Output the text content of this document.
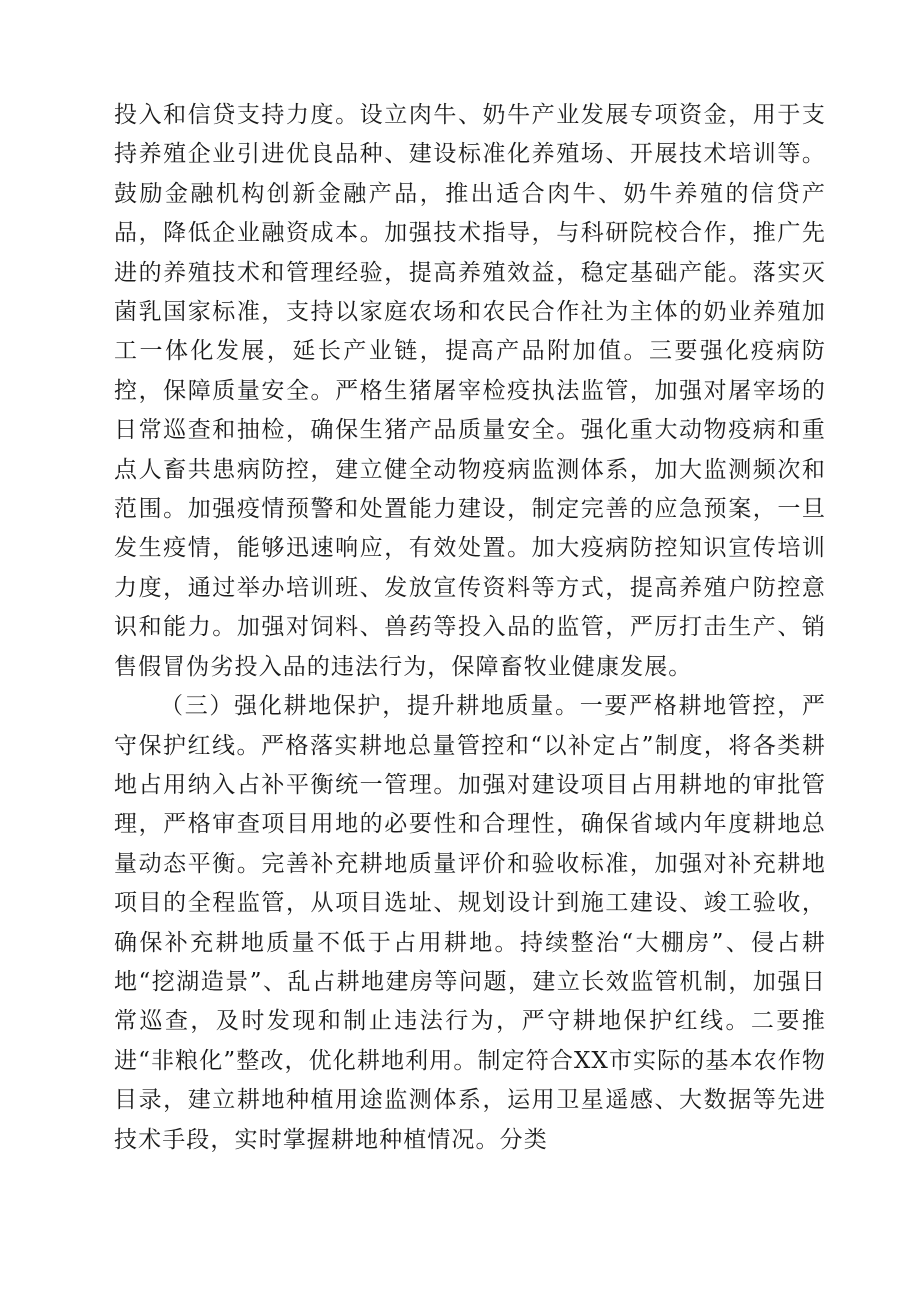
投入和信贷支持力度。设立肉牛、奶牛产业发展专项资金，用于支持养殖企业引进优良品种、建设标准化养殖场、开展技术培训等。鼓励金融机构创新金融产品，推出适合肉牛、奶牛养殖的信贷产品，降低企业融资成本。加强技术指导，与科研院校合作，推广先进的养殖技术和管理经验，提高养殖效益，稳定基础产能。落实灭菌乳国家标准，支持以家庭农场和农民合作社为主体的奶业养殖加工一体化发展，延长产业链，提高产品附加值。三要强化疫病防控，保障质量安全。严格生猪屠宰检疫执法监管，加强对屠宰场的日常巡查和抽检，确保生猪产品质量安全。强化重大动物疫病和重点人畜共患病防控，建立健全动物疫病监测体系，加大监测频次和范围。加强疫情预警和处置能力建设，制定完善的应急预案，一旦发生疫情，能够迅速响应，有效处置。加大疫病防控知识宣传培训力度，通过举办培训班、发放宣传资料等方式，提高养殖户防控意识和能力。加强对饲料、兽药等投入品的监管，严厉打击生产、销售假冒伪劣投入品的违法行为，保障畜牧业健康发展。

（三）强化耕地保护，提升耕地质量。一要严格耕地管控，严守保护红线。严格落实耕地总量管控和“以补定占”制度，将各类耕地占用纳入占补平衡统一管理。加强对建设项目占用耕地的审批管理，严格审查项目用地的必要性和合理性，确保省域内年度耕地总量动态平衡。完善补充耕地质量评价和验收标准，加强对补充耕地项目的全程监管，从项目选址、规划设计到施工建设、竣工验收，确保补充耕地质量不低于占用耕地。持续整治“大棚房”、侵占耕地“挖湖造景”、乱占耕地建房等问题，建立长效监管机制，加强日常巡查，及时发现和制止违法行为，严守耕地保护红线。二要推进“非粮化”整改，优化耕地利用。制定符合XX市实际的基本农作物目录，建立耕地种植用途监测体系，运用卫星遥感、大数据等先进技术手段，实时掌握耕地种植情况。分类
